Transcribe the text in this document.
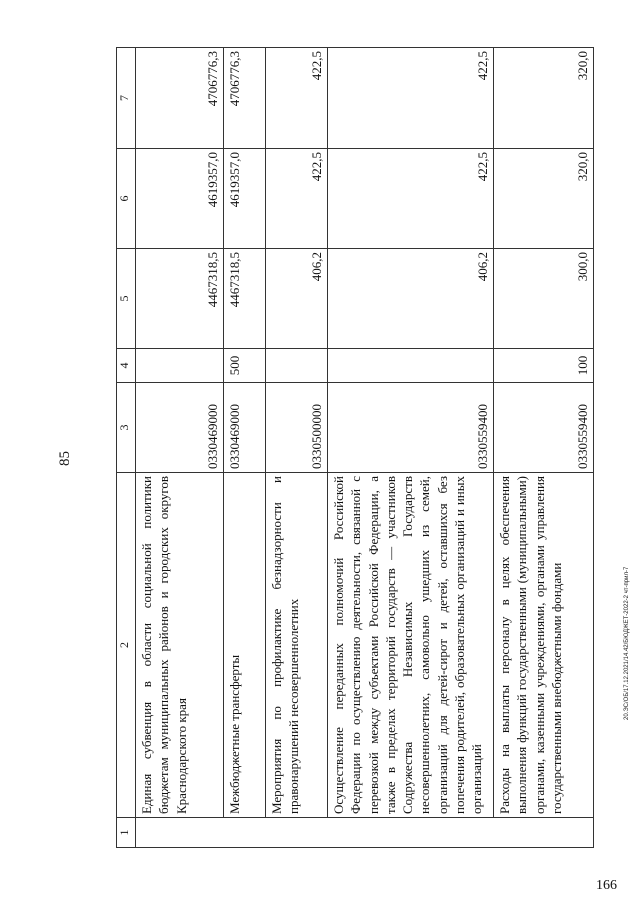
85
166
20.ЭС/ОБ/17.12.2021/14.42/БЮДЖЕТ-2022-2 чт-прил-7
1	2	3	4	5	6	7
	Единая субвенция в области социальной политики бюджетам муниципальных районов и городских округов Краснодарского края	0330469000		4467318,5	4619357,0	4706776,3
	Межбюджетные трансферты	0330469000	500	4467318,5	4619357,0	4706776,3
	Мероприятия по профилактике безнадзорности и правонарушений несовершеннолетних	0330500000		406,2	422,5	422,5
	Осуществление переданных полномочий Российской Федерации по осуществлению деятельности, связанной с перевозкой между субъектами Российской Федерации, а также в пределах территорий государств — участников Содружества Независимых Государств несовершеннолетних, самовольно ушедших из семей, организаций для детей-сирот и детей, оставшихся без попечения родителей, образовательных организаций и иных организаций	0330559400		406,2	422,5	422,5
	Расходы на выплаты персоналу в целях обеспечения выполнения функций государственными (муниципальными) органами, казенными учреждениями, органами управления государственными внебюджетными фондами	0330559400	100	300,0	320,0	320,0
